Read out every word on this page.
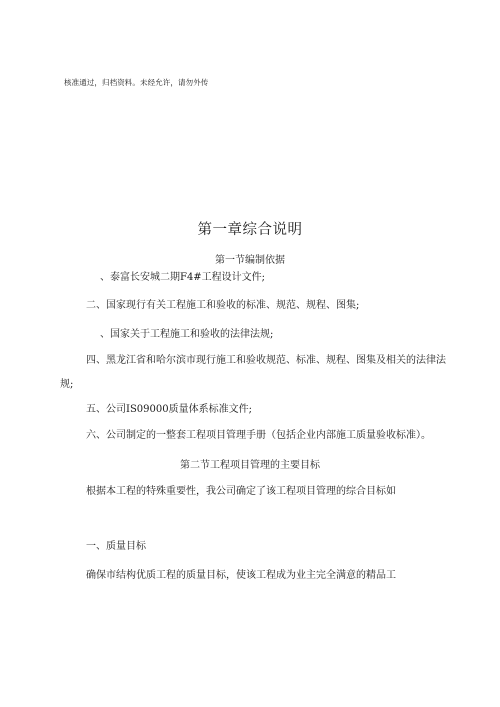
核准通过，归档资料。未经允许，请勿外传
第一章综合说明
第一节编制依据
、泰富长安城二期F4#工程设计文件;
二、国家现行有关工程施工和验收的标准、规范、规程、图集;
、国家关于工程施工和验收的法律法规;
四、黑龙江省和哈尔滨市现行施工和验收规范、标准、规程、图集及相关的法律法
规;
五、公司IS09000质量体系标准文件;
六、公司制定的一整套工程项目管理手册（包括企业内部施工质量验收标准）。
第二节工程项目管理的主要目标
根据本工程的特殊重要性，我公司确定了该工程项目管理的综合目标如
一、质量目标
确保市结构优质工程的质量目标，使该工程成为业主完全满意的精品工
